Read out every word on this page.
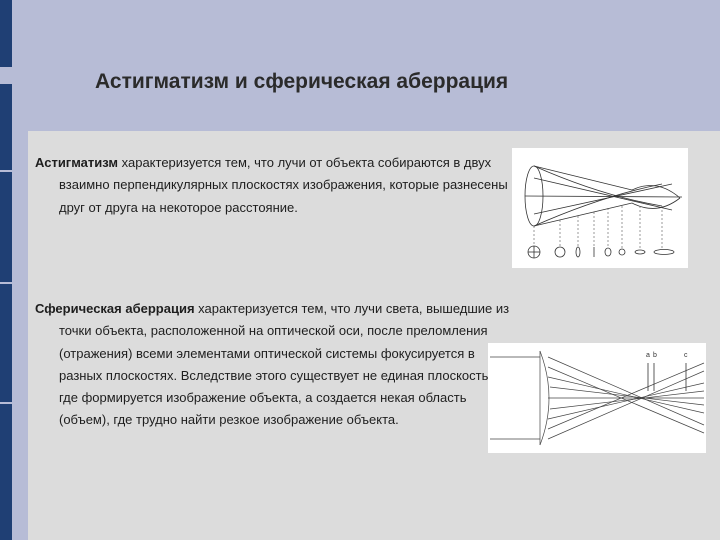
Астигматизм и сферическая аберрация

Астигматизм характеризуется тем, что лучи от объекта собираются в двух взаимно перпендикулярных плоскостях изображения, которые разнесены друг от друга на некоторое расстояние.

Сферическая аберрация характеризуется тем, что лучи света, вышедшие из точки объекта, расположенной на оптической оси, после преломления (отражения) всеми элементами оптической системы фокусируется в разных плоскостях. Вследствие этого существует не единая плоскость, где формируется изображение объекта, а создается некая область (объем), где трудно найти резкое изображение объекта.

a b	c
